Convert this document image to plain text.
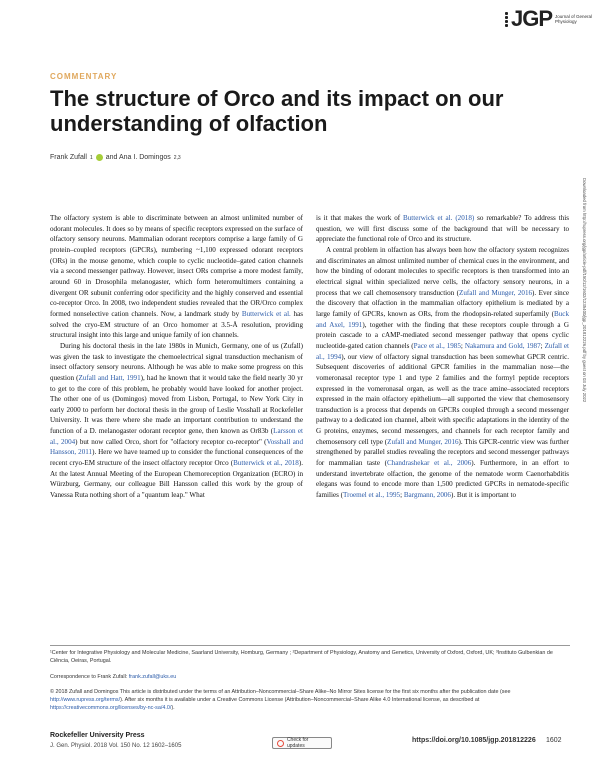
JGP Journal of General Physiology
COMMENTARY
The structure of Orco and its impact on our understanding of olfaction
Frank Zufall 1 and Ana I. Domingos 2,3

The olfactory system is able to discriminate between an almost unlimited number of odorant molecules. It does so by means of specific receptors expressed on the surface of olfactory sensory neurons. Mammalian odorant receptors comprise a large family of G protein–coupled receptors (GPCRs), numbering ~1,100 expressed odorant receptors (ORs) in the mouse genome, which couple to cyclic nucleotide–gated cation channels via a second messenger pathway. However, insect ORs comprise a more modest family, around 60 in Drosophila melanogaster, which form heteromultimers containing a divergent OR subunit conferring odor specificity and the highly conserved and essential co-receptor Orco. In 2008, two independent studies revealed that the OR/Orco complex formed nonselective cation channels. Now, a landmark study by Butterwick et al. has solved the cryo-EM structure of an Orco homomer at 3.5-Å resolution, providing structural insight into this large and unique family of ion channels.

During his doctoral thesis in the late 1980s in Munich, Germany, one of us (Zufall) was given the task to investigate the chemoelectrical signal transduction mechanism of insect olfactory sensory neurons. Although he was able to make some progress on this question (Zufall and Hatt, 1991), had he known that it would take the field nearly 30 yr to get to the core of this problem, he probably would have looked for another project. The other one of us (Domingos) moved from Lisbon, Portugal, to New York City in early 2000 to perform her doctoral thesis in the group of Leslie Vosshall at Rockefeller University. It was there where she made an important contribution to understand the function of a D. melanogaster odorant receptor gene, then known as Or83b (Larsson et al., 2004) but now called Orco, short for "olfactory receptor co-receptor" (Vosshall and Hansson, 2011). Here we have teamed up to consider the functional consequences of the recent cryo-EM structure of the insect olfactory receptor Orco (Butterwick et al., 2018). At the latest Annual Meeting of the European Chemoreception Organization (ECRO) in Würzburg, Germany, our colleague Bill Hansson called this work by the group of Vanessa Ruta nothing short of a "quantum leap." What

is it that makes the work of Butterwick et al. (2018) so remarkable? To address this question, we will first discuss some of the background that will be necessary to appreciate the functional role of Orco and its structure.

A central problem in olfaction has always been how the olfactory system recognizes and discriminates an almost unlimited number of chemical cues in the environment, and how the binding of odorant molecules to specific receptors is then transformed into an electrical signal within specialized nerve cells, the olfactory sensory neurons, in a process that we call chemosensory transduction (Zufall and Munger, 2016). Ever since the discovery that olfaction in the mammalian olfactory epithelium is mediated by a large family of GPCRs, known as ORs, from the rhodopsin-related superfamily (Buck and Axel, 1991), together with the finding that these receptors couple through a G protein cascade to a cAMP-mediated second messenger pathway that opens cyclic nucleotide-gated cation channels (Pace et al., 1985; Nakamura and Gold, 1987; Zufall et al., 1994), our view of olfactory signal transduction has been somewhat GPCR centric. Subsequent discoveries of additional GPCR families in the mammalian nose—the vomeronasal receptor type 1 and type 2 families and the formyl peptide receptors expressed in the vomeronasal organ, as well as the trace amine–associated receptors expressed in the main olfactory epithelium—all supported the view that chemosensory transduction is a process that depends on GPCRs coupled through a second messenger pathway to a dedicated ion channel, albeit with specific adaptations in the identity of the G proteins, enzymes, second messengers, and channels for each receptor family and chemosensory cell type (Zufall and Munger, 2016). This GPCR-centric view was further strengthened by parallel studies revealing the receptors and second messenger pathways for mammalian taste (Chandrashekar et al., 2006). Furthermore, in an effort to understand invertebrate olfaction, the genome of the nematode worm Caenorhabditis elegans was found to encode more than 1,500 predicted GPCRs in nematode-specific families (Troemel et al., 1995; Bargmann, 2006). But it is important to

Downloaded from http://rupress.org/jgp/article-pdf/150/12/1602/1235400/jgp_201812226.pdf by guest on 03 July 2022
¹Center for Integrative Physiology and Molecular Medicine, Saarland University, Homburg, Germany ; ²Department of Physiology, Anatomy and Genetics, University of Oxford, Oxford, UK; ³Instituto Gulbenkian de Ciência, Oeiras, Portugal.
Correspondence to Frank Zufall: frank.zufall@uks.eu
© 2018 Zufall and Domingos This article is distributed under the terms of an Attribution–Noncommercial–Share Alike–No Mirror Sites license for the first six months after the publication date (see http://www.rupress.org/terms/). After six months it is available under a Creative Commons License (Attribution–Noncommercial–Share Alike 4.0 International license, as described at https://creativecommons.org/licenses/by-nc-sa/4.0/).
Rockefeller University Press
J. Gen. Physiol. 2018 Vol. 150 No. 12 1602–1605
Check for updates
https://doi.org/10.1085/jgp.201812226 1602
